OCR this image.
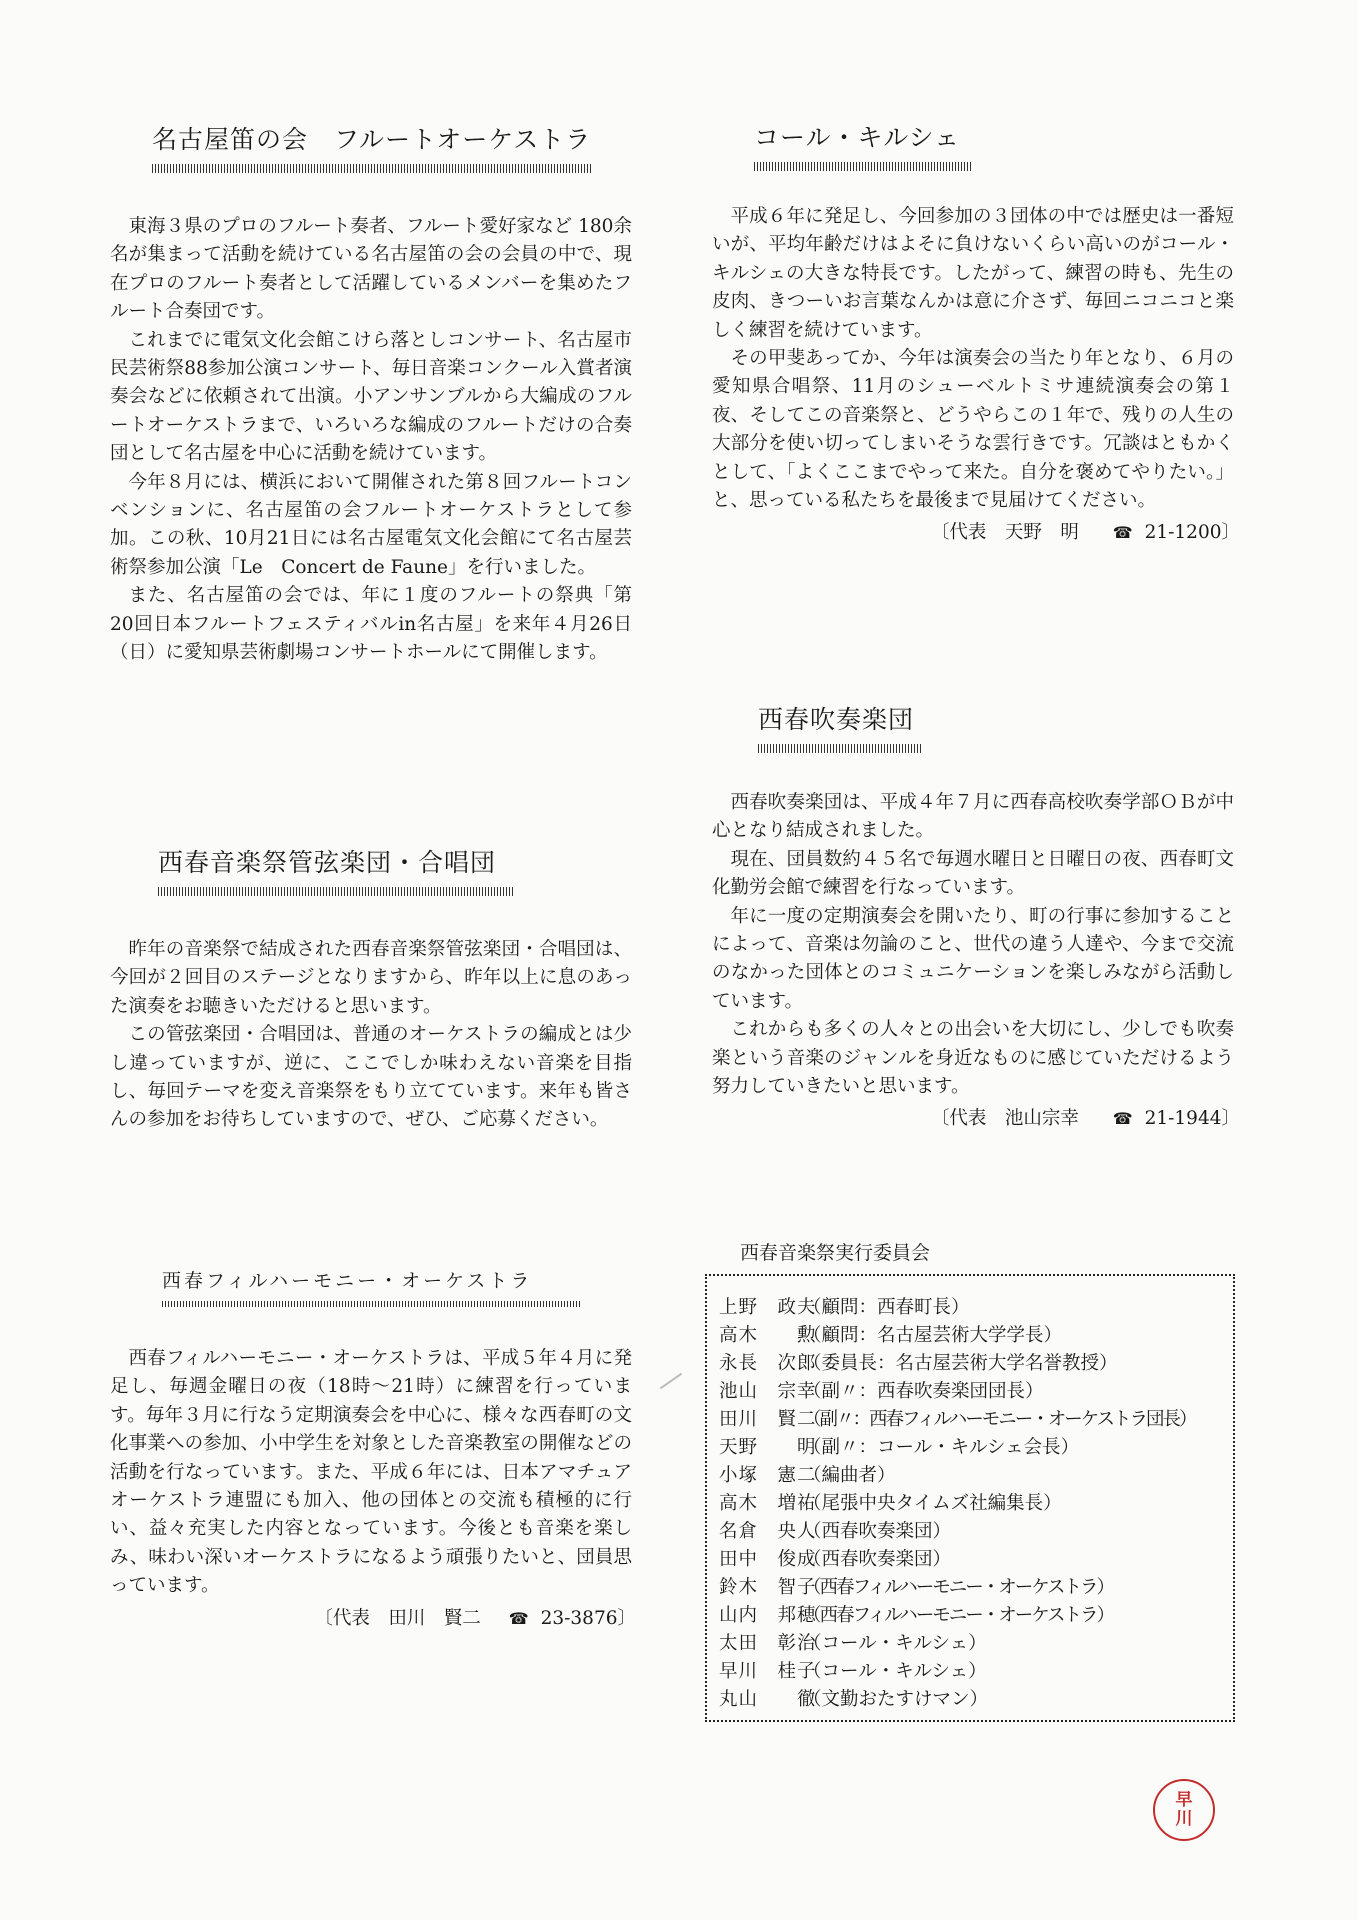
名古屋笛の会　フルートオーケストラ

東海３県のプロのフルート奏者、フルート愛好家など 180余名が集まって活動を続けている名古屋笛の会の会員の中で、現在プロのフルート奏者として活躍しているメンバーを集めたフルート合奏団です。

これまでに電気文化会館こけら落としコンサート、名古屋市民芸術祭88参加公演コンサート、毎日音楽コンクール入賞者演奏会などに依頼されて出演。小アンサンブルから大編成のフルートオーケストラまで、いろいろな編成のフルートだけの合奏団として名古屋を中心に活動を続けています。

今年８月には、横浜において開催された第８回フルートコンベンションに、名古屋笛の会フルートオーケストラとして参加。この秋、10月21日には名古屋電気文化会館にて名古屋芸術祭参加公演「Le　Concert de Faune」を行いました。

また、名古屋笛の会では、年に１度のフルートの祭典「第20回日本フルートフェスティバルin名古屋」を来年４月26日（日）に愛知県芸術劇場コンサートホールにて開催します。

西春音楽祭管弦楽団・合唱団

昨年の音楽祭で結成された西春音楽祭管弦楽団・合唱団は、今回が２回目のステージとなりますから、昨年以上に息のあった演奏をお聴きいただけると思います。

この管弦楽団・合唱団は、普通のオーケストラの編成とは少し違っていますが、逆に、ここでしか味わえない音楽を目指し、毎回テーマを変え音楽祭をもり立てています。来年も皆さんの参加をお待ちしていますので、ぜひ、ご応募ください。

西春フィルハーモニー・オーケストラ

西春フィルハーモニー・オーケストラは、平成５年４月に発足し、毎週金曜日の夜（18時〜21時）に練習を行っています。毎年３月に行なう定期演奏会を中心に、様々な西春町の文化事業への参加、小中学生を対象とした音楽教室の開催などの活動を行なっています。また、平成６年には、日本アマチュアオーケストラ連盟にも加入、他の団体との交流も積極的に行い、益々充実した内容となっています。今後とも音楽を楽しみ、味わい深いオーケストラになるよう頑張りたいと、団員思っています。

〔代表　田川　賢二 ☎ 23-3876〕
コール・キルシェ

平成６年に発足し、今回参加の３団体の中では歴史は一番短いが、平均年齢だけはよそに負けないくらい高いのがコール・キルシェの大きな特長です。したがって、練習の時も、先生の皮肉、きつーいお言葉なんかは意に介さず、毎回ニコニコと楽しく練習を続けています。

その甲斐あってか、今年は演奏会の当たり年となり、６月の愛知県合唱祭、11月のシューベルトミサ連続演奏会の第１夜、そしてこの音楽祭と、どうやらこの１年で、残りの人生の大部分を使い切ってしまいそうな雲行きです。冗談はともかくとして、「よくここまでやって来た。自分を褒めてやりたい。」と、思っている私たちを最後まで見届けてください。

〔代表　天野　明 ☎ 21-1200〕
西春吹奏楽団

西春吹奏楽団は、平成４年７月に西春高校吹奏学部ＯＢが中心となり結成されました。

現在、団員数約４５名で毎週水曜日と日曜日の夜、西春町文化勤労会館で練習を行なっています。

年に一度の定期演奏会を開いたり、町の行事に参加することによって、音楽は勿論のこと、世代の違う人達や、今まで交流のなかった団体とのコミュニケーションを楽しみながら活動しています。

これからも多くの人々との出会いを大切にし、少しでも吹奏楽という音楽のジャンルを身近なものに感じていただけるよう努力していきたいと思います。

〔代表　池山宗幸 ☎ 21-1944〕
西春音楽祭実行委員会
上野　政夫
（顧問：西春町長）
高木　　勲
（顧問：名古屋芸術大学学長）
永長　次郎
（委員長：名古屋芸術大学名誉教授）
池山　宗幸
（副〃：西春吹奏楽団団長）
田川　賢二
（副〃：西春フィルハーモニー・オーケストラ団長）
天野　　明
（副〃：コール・キルシェ会長）
小塚　憲二
（編曲者）
高木　増祐
（尾張中央タイムズ社編集長）
名倉　央人
（西春吹奏楽団）
田中　俊成
（西春吹奏楽団）
鈴木　智子
（西春フィルハーモニー・オーケストラ）
山内　邦穂
（西春フィルハーモニー・オーケストラ）
太田　彰治
（コール・キルシェ）
早川　桂子
（コール・キルシェ）
丸山　　徹
（文勤おたすけマン）
早
川
